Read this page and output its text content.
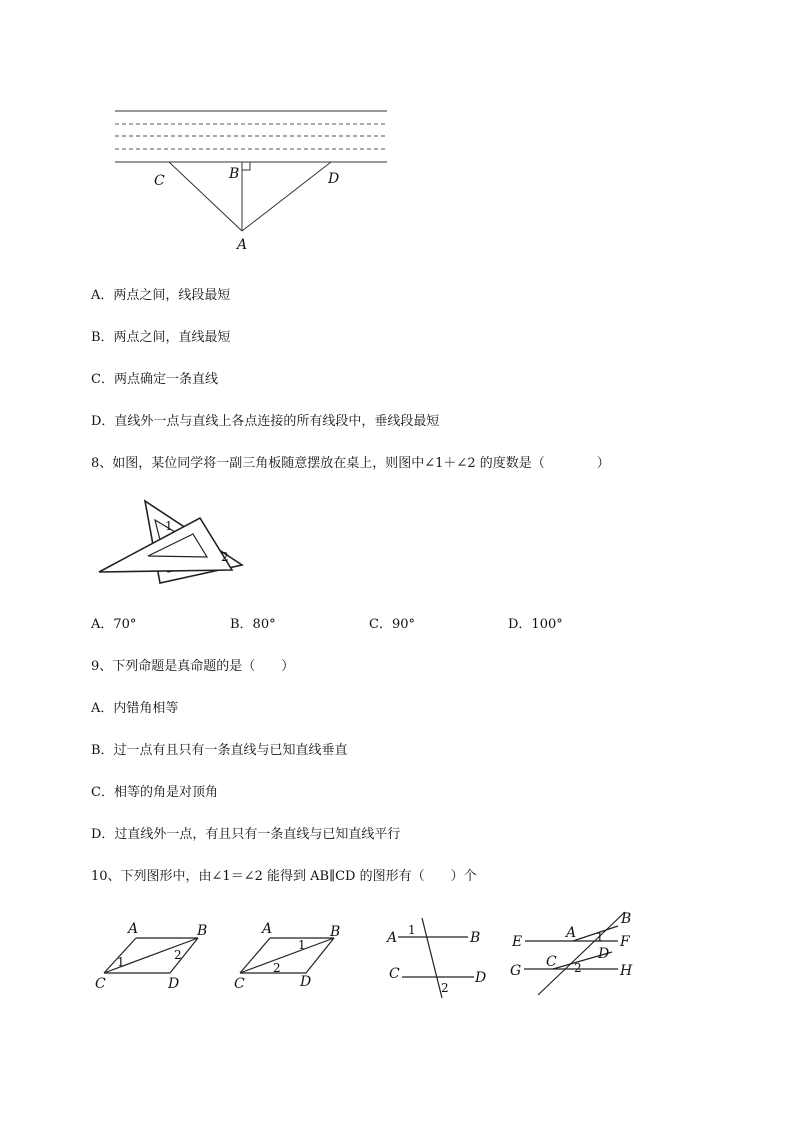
C	B	D
A
A．两点之间，线段最短
B．两点之间，直线最短
C．两点确定一条直线
D．直线外一点与直线上各点连接的所有线段中，垂线段最短
8、如图，某位同学将一副三角板随意摆放在桌上，则图中∠1＋∠2 的度数是（　　　　）
1
2
A．70°	B．80°	C．90°	D．100°
9、下列命题是真命题的是（　　）
A．内错角相等
B．过一点有且只有一条直线与已知直线垂直
C．相等的角是对顶角
D．过直线外一点，有且只有一条直线与已知直线平行
10、下列图形中，由∠1＝∠2 能得到 AB∥CD 的图形有（　　）个
A	B
C	D
1	2
A	B
C	D
1
2
A	B
C	D
1
2
A
B
E	F
C	D
G	H
1
2
